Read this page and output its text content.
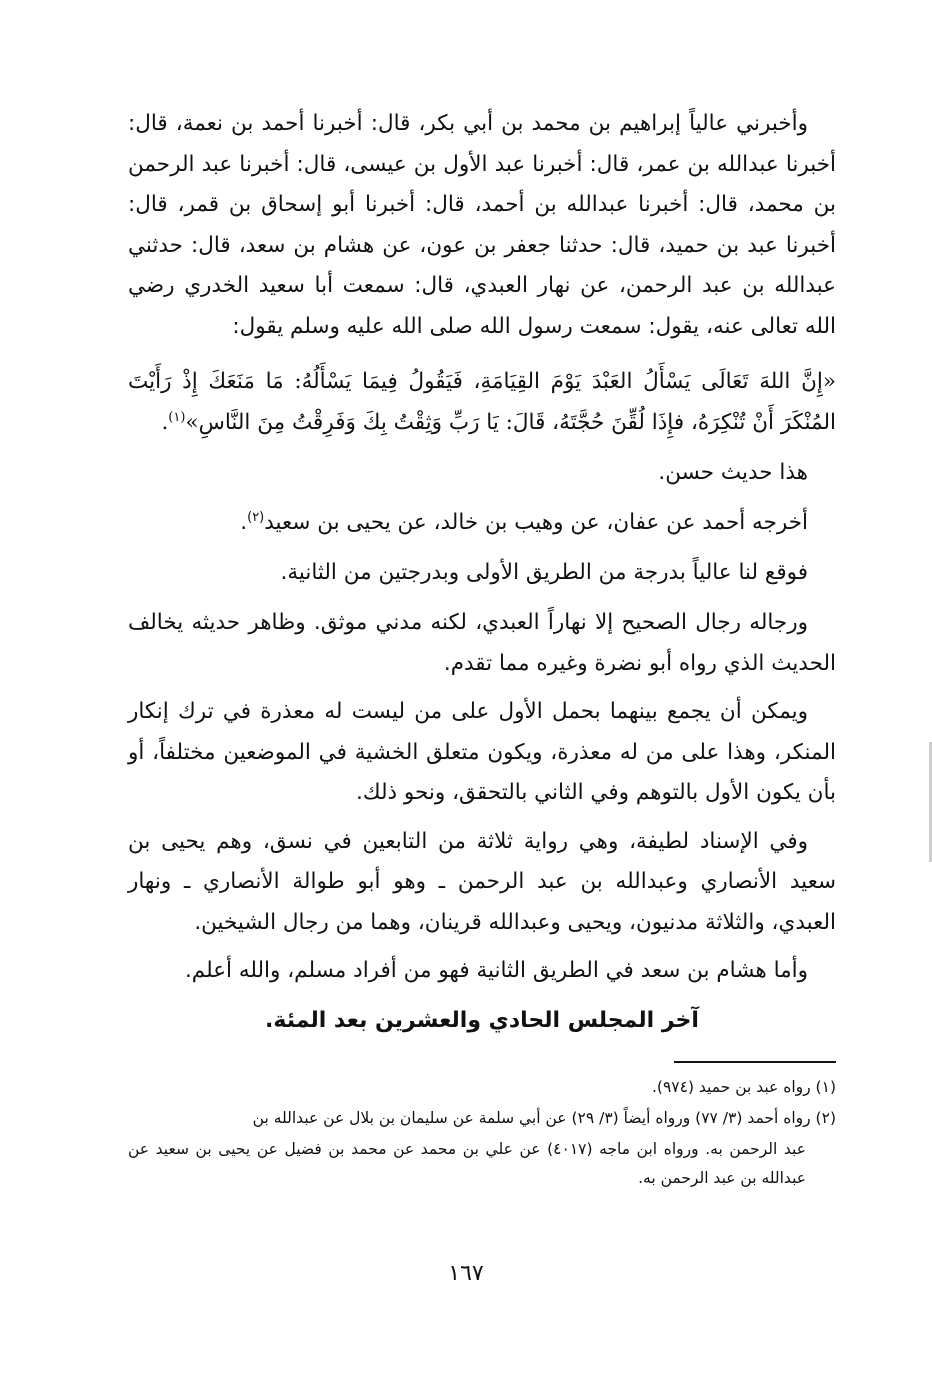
وأخبرني عالياً إبراهيم بن محمد بن أبي بكر، قال: أخبرنا أحمد بن نعمة، قال: أخبرنا عبدالله بن عمر، قال: أخبرنا عبد الأول بن عيسى، قال: أخبرنا عبد الرحمن بن محمد، قال: أخبرنا عبدالله بن أحمد، قال: أخبرنا أبو إسحاق بن قمر، قال: أخبرنا عبد بن حميد، قال: حدثنا جعفر بن عون، عن هشام بن سعد، قال: حدثني عبدالله بن عبد الرحمن، عن نهار العبدي، قال: سمعت أبا سعيد الخدري رضي الله تعالى عنه، يقول: سمعت رسول الله صلى الله عليه وسلم يقول:

«إِنَّ اللهَ تَعَالَى يَسْأَلُ العَبْدَ يَوْمَ القِيَامَةِ، فَيَقُولُ فِيمَا يَسْأَلُهُ: مَا مَنَعَكَ إِذْ رَأَيْتَ المُنْكَرَ أَنْ تُنْكِرَهُ، فإِذَا لُقِّنَ حُجَّتَهُ، قَالَ: يَا رَبِّ وَثِقْتُ بِكَ وَفَرِقْتُ مِنَ النَّاسِ»$^{(١)}$.

هذا حديث حسن.

أخرجه أحمد عن عفان، عن وهيب بن خالد، عن يحيى بن سعيد$^{(٢)}$.

فوقع لنا عالياً بدرجة من الطريق الأولى وبدرجتين من الثانية.

ورجاله رجال الصحيح إلا نهاراً العبدي، لكنه مدني موثق. وظاهر حديثه يخالف الحديث الذي رواه أبو نضرة وغيره مما تقدم.

ويمكن أن يجمع بينهما بحمل الأول على من ليست له معذرة في ترك إنكار المنكر، وهذا على من له معذرة، ويكون متعلق الخشية في الموضعين مختلفاً، أو بأن يكون الأول بالتوهم وفي الثاني بالتحقق، ونحو ذلك.

وفي الإسناد لطيفة، وهي رواية ثلاثة من التابعين في نسق، وهم يحيى بن سعيد الأنصاري وعبدالله بن عبد الرحمن ـ وهو أبو طوالة الأنصاري ـ ونهار العبدي، والثلاثة مدنيون، ويحيى وعبدالله قرينان، وهما من رجال الشيخين.

وأما هشام بن سعد في الطريق الثانية فهو من أفراد مسلم، والله أعلم.

آخر المجلس الحادي والعشرين بعد المئة.
(١) رواه عبد بن حميد (٩٧٤).
(٢) رواه أحمد (٣/ ٧٧) ورواه أيضاً (٣/ ٢٩) عن أبي سلمة عن سليمان بن بلال عن عبدالله بن
عبد الرحمن به. ورواه ابن ماجه (٤٠١٧) عن علي بن محمد عن محمد بن فضيل عن يحيى بن سعيد عن عبدالله بن عبد الرحمن به.
١٦٧
